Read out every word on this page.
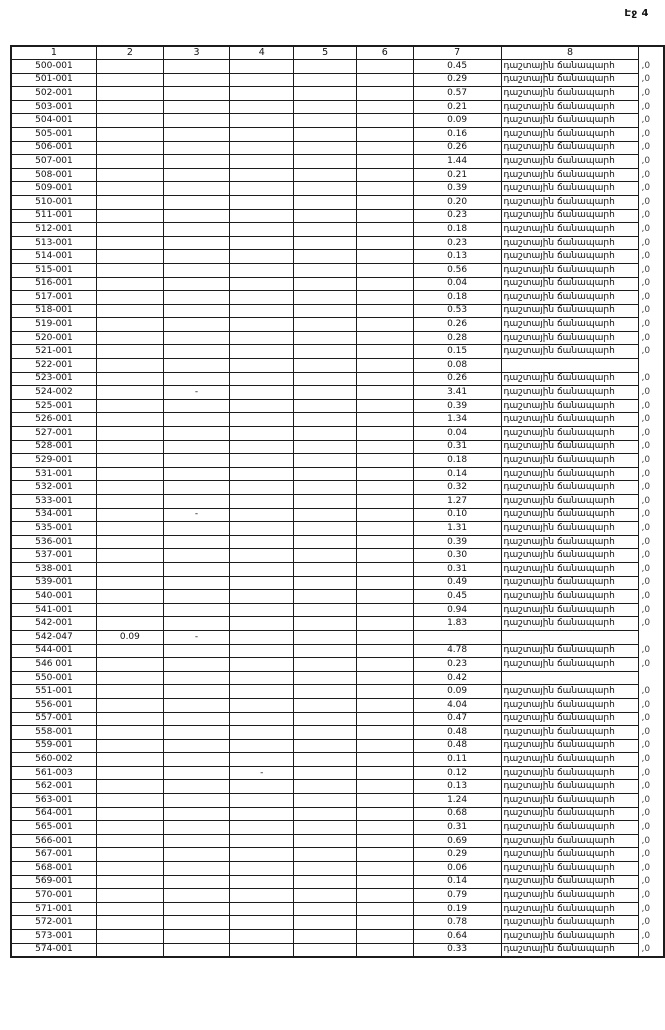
Էջ 4
1	2	3	4	5	6	7	8	
500-001						0.45	դաշտային ճանապարհ	,0
501-001						0.29	դաշտային ճանապարհ	,0
502-001						0.57	դաշտային ճանապարհ	,0
503-001						0.21	դաշտային ճանապարհ	,0
504-001						0.09	դաշտային ճանապարհ	,0
505-001						0.16	դաշտային ճանապարհ	,0
506-001						0.26	դաշտային ճանապարհ	,0
507-001						1.44	դաշտային ճանապարհ	,0
508-001						0.21	դաշտային ճանապարհ	,0
509-001						0.39	դաշտային ճանապարհ	,0
510-001						0.20	դաշտային ճանապարհ	,0
511-001						0.23	դաշտային ճանապարհ	,0
512-001						0.18	դաշտային ճանապարհ	,0
513-001						0.23	դաշտային ճանապարհ	,0
514-001						0.13	դաշտային ճանապարհ	,0
515-001						0.56	դաշտային ճանապարհ	,0
516-001						0.04	դաշտային ճանապարհ	,0
517-001						0.18	դաշտային ճանապարհ	,0
518-001						0.53	դաշտային ճանապարհ	,0
519-001						0.26	դաշտային ճանապարհ	,0
520-001						0.28	դաշտային ճանապարհ	,0
521-001						0.15	դաշտային ճանապարհ	,0
522-001						0.08		
523-001						0.26	դաշտային ճանապարհ	,0
524-002		-				3.41	դաշտային ճանապարհ	,0
525-001						0.39	դաշտային ճանապարհ	,0
526-001						1.34	դաշտային ճանապարհ	,0
527-001						0.04	դաշտային ճանապարհ	,0
528-001						0.31	դաշտային ճանապարհ	,0
529-001						0.18	դաշտային ճանապարհ	,0
531-001						0.14	դաշտային ճանապարհ	,0
532-001						0.32	դաշտային ճանապարհ	,0
533-001						1.27	դաշտային ճանապարհ	,0
534-001		-				0.10	դաշտային ճանապարհ	,0
535-001						1.31	դաշտային ճանապարհ	,0
536-001						0.39	դաշտային ճանապարհ	,0
537-001						0.30	դաշտային ճանապարհ	,0
538-001						0.31	դաշտային ճանապարհ	,0
539-001						0.49	դաշտային ճանապարհ	,0
540-001						0.45	դաշտային ճանապարհ	,0
541-001						0.94	դաշտային ճանապարհ	,0
542-001						1.83	դաշտային ճանապարհ	,0
542-047	0.09	-						
544-001						4.78	դաշտային ճանապարհ	,0
546 001						0.23	դաշտային ճանապարհ	,0
550-001						0.42		
551-001						0.09	դաշտային ճանապարհ	,0
556-001						4.04	դաշտային ճանապարհ	,0
557-001						0.47	դաշտային ճանապարհ	,0
558-001						0.48	դաշտային ճանապարհ	,0
559-001						0.48	դաշտային ճանապարհ	,0
560-002						0.11	դաշտային ճանապարհ	,0
561-003			-			0.12	դաշտային ճանապարհ	,0
562-001						0.13	դաշտային ճանապարհ	,0
563-001						1.24	դաշտային ճանապարհ	,0
564-001						0.68	դաշտային ճանապարհ	,0
565-001						0.31	դաշտային ճանապարհ	,0
566-001						0.69	դաշտային ճանապարհ	,0
567-001						0.29	դաշտային ճանապարհ	,0
568-001						0.06	դաշտային ճանապարհ	,0
569-001						0.14	դաշտային ճանապարհ	,0
570-001						0.79	դաշտային ճանապարհ	,0
571-001						0.19	դաշտային ճանապարհ	,0
572-001						0.78	դաշտային ճանապարհ	,0
573-001						0.64	դաշտային ճանապարհ	,0
574-001						0.33	դաշտային ճանապարհ	,0
